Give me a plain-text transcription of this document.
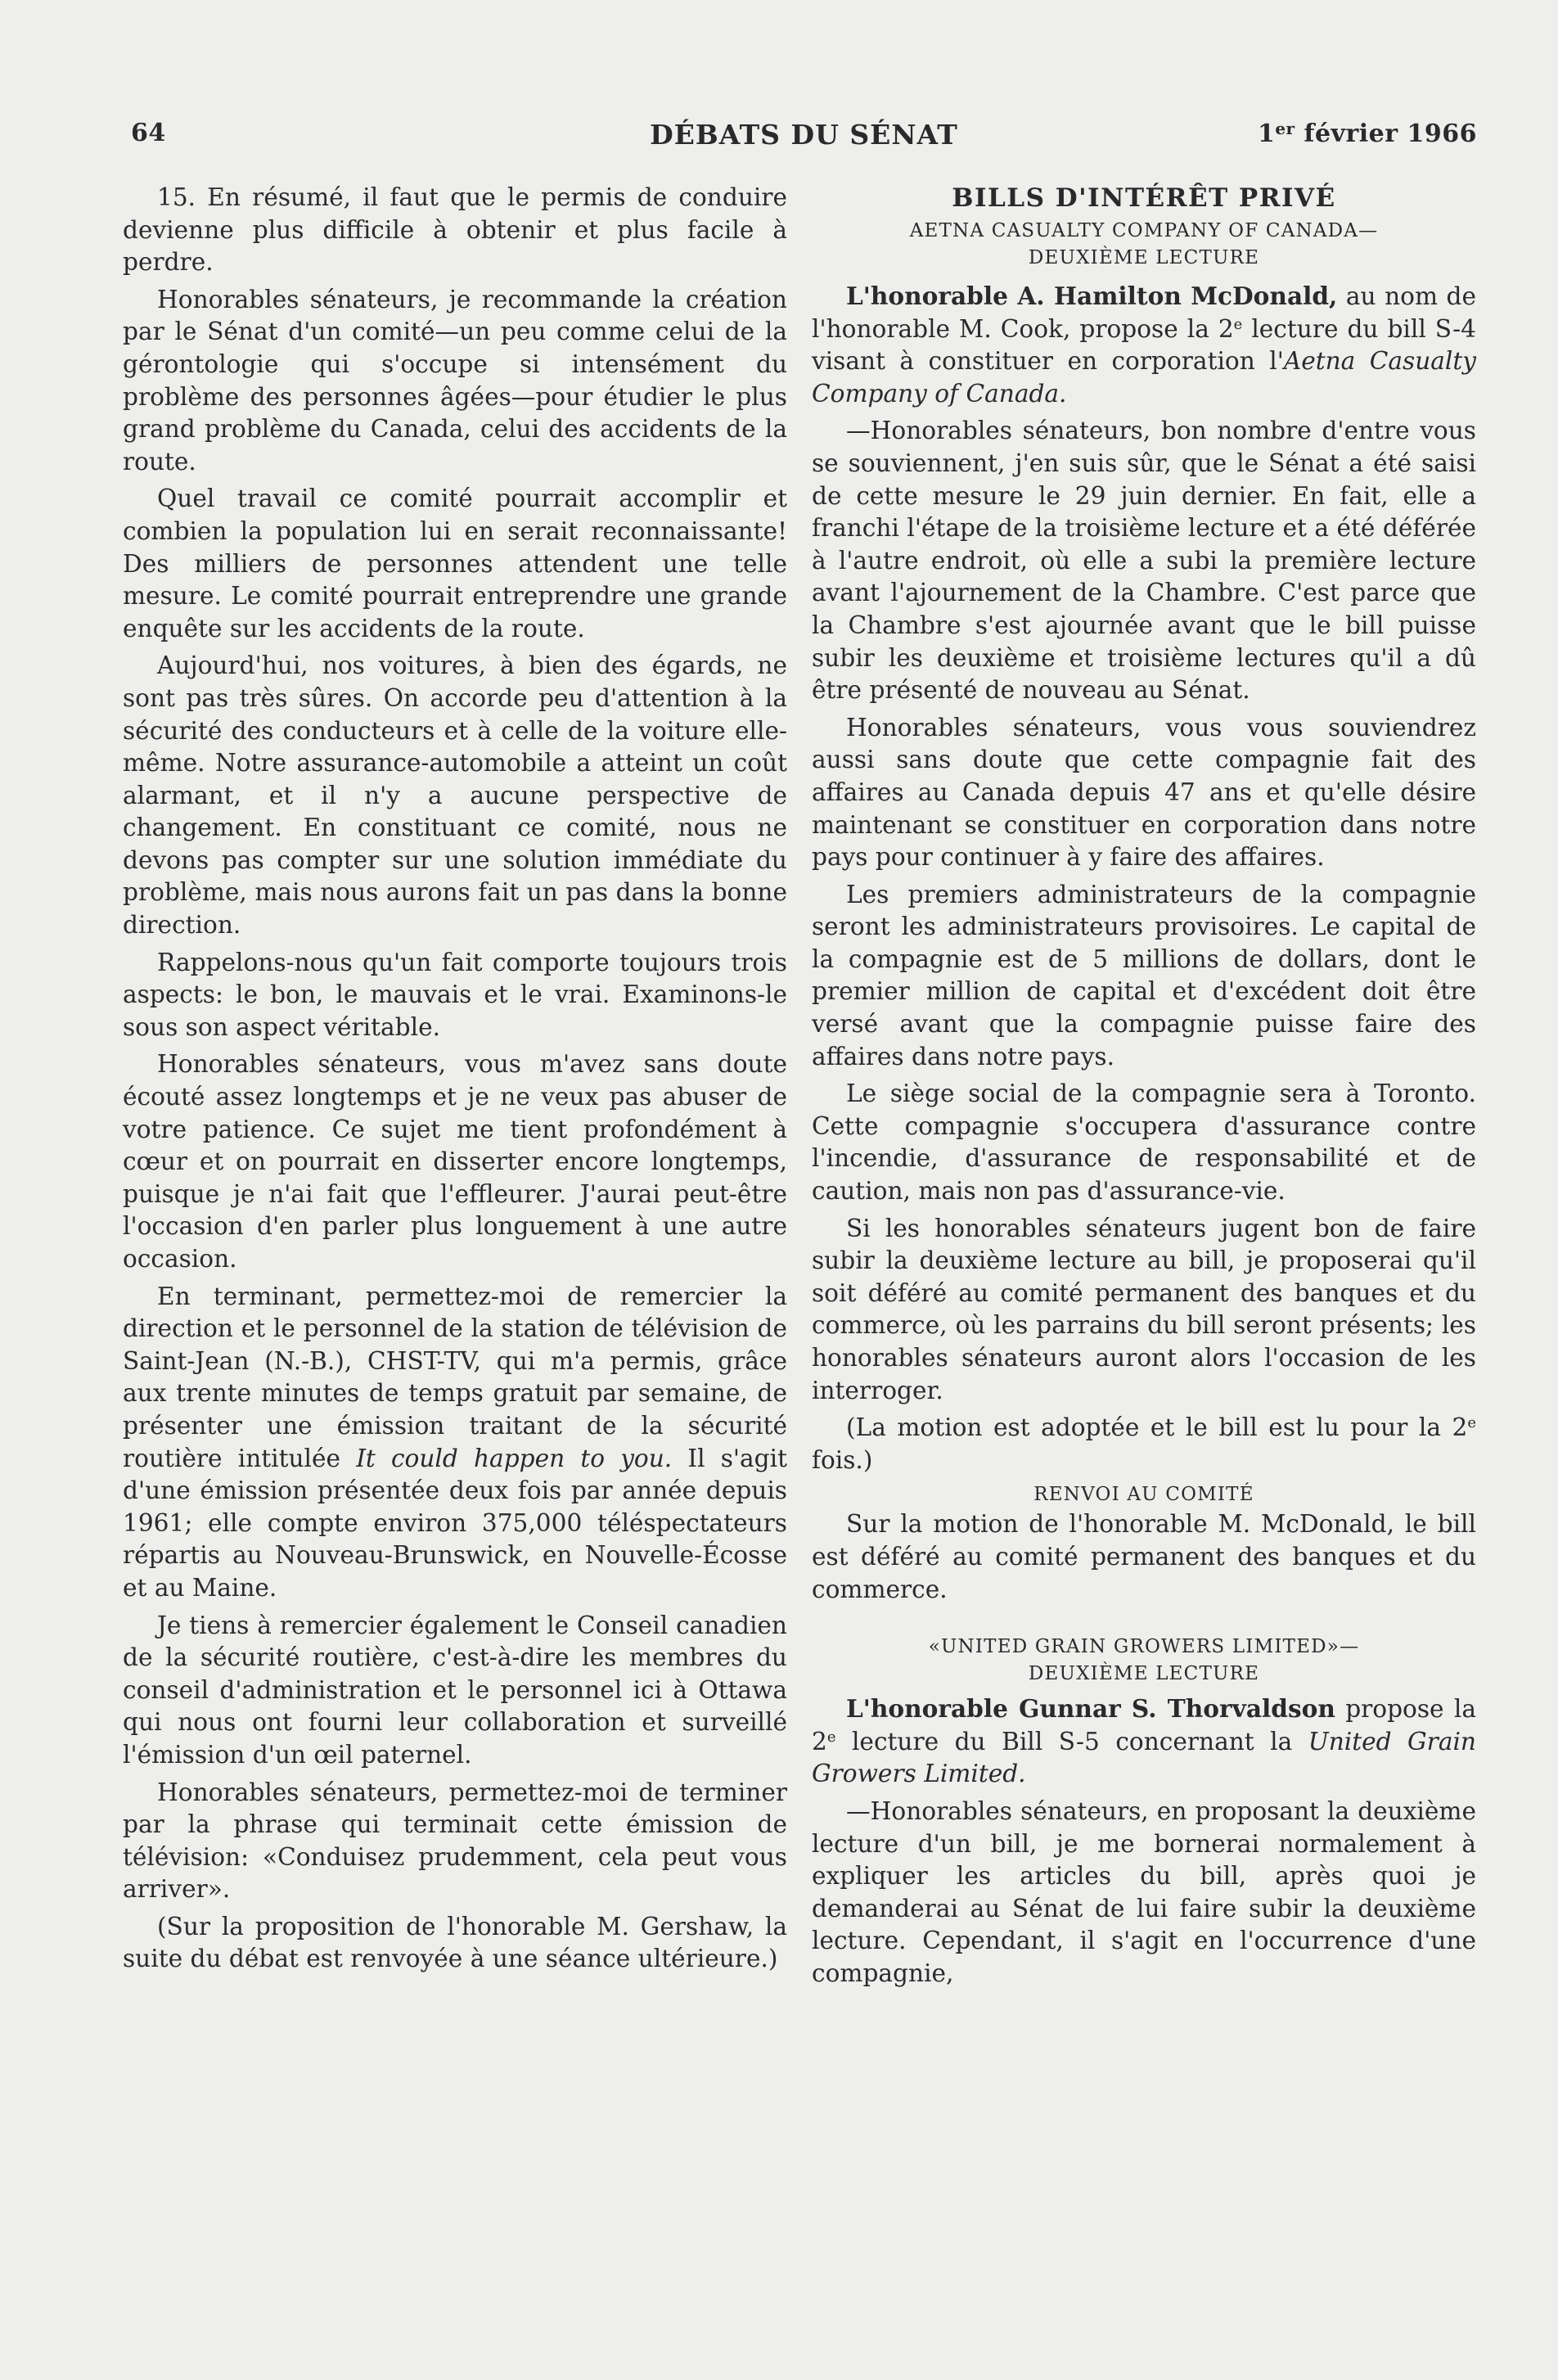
64	DÉBATS DU SÉNAT	1er février 1966

15. En résumé, il faut que le permis de conduire devienne plus difficile à obtenir et plus facile à perdre.

Honorables sénateurs, je recommande la création par le Sénat d'un comité—un peu comme celui de la gérontologie qui s'occupe si intensément du problème des personnes âgées—pour étudier le plus grand problème du Canada, celui des accidents de la route.

Quel travail ce comité pourrait accomplir et combien la population lui en serait reconnaissante! Des milliers de personnes attendent une telle mesure. Le comité pourrait entreprendre une grande enquête sur les accidents de la route.

Aujourd'hui, nos voitures, à bien des égards, ne sont pas très sûres. On accorde peu d'attention à la sécurité des conducteurs et à celle de la voiture elle-même. Notre assurance-automobile a atteint un coût alarmant, et il n'y a aucune perspective de changement. En constituant ce comité, nous ne devons pas compter sur une solution immédiate du problème, mais nous aurons fait un pas dans la bonne direction.

Rappelons-nous qu'un fait comporte toujours trois aspects: le bon, le mauvais et le vrai. Examinons-le sous son aspect véritable.

Honorables sénateurs, vous m'avez sans doute écouté assez longtemps et je ne veux pas abuser de votre patience. Ce sujet me tient profondément à cœur et on pourrait en disserter encore longtemps, puisque je n'ai fait que l'effleurer. J'aurai peut-être l'occasion d'en parler plus longuement à une autre occasion.

En terminant, permettez-moi de remercier la direction et le personnel de la station de télévision de Saint-Jean (N.-B.), CHST-TV, qui m'a permis, grâce aux trente minutes de temps gratuit par semaine, de présenter une émission traitant de la sécurité routière intitulée It could happen to you. Il s'agit d'une émission présentée deux fois par année depuis 1961; elle compte environ 375,000 téléspectateurs répartis au Nouveau-Brunswick, en Nouvelle-Écosse et au Maine.

Je tiens à remercier également le Conseil canadien de la sécurité routière, c'est-à-dire les membres du conseil d'administration et le personnel ici à Ottawa qui nous ont fourni leur collaboration et surveillé l'émission d'un œil paternel.

Honorables sénateurs, permettez-moi de terminer par la phrase qui terminait cette émission de télévision: «Conduisez prudemment, cela peut vous arriver».

(Sur la proposition de l'honorable M. Gershaw, la suite du débat est renvoyée à une séance ultérieure.)

BILLS D'INTÉRÊT PRIVÉ

AETNA CASUALTY COMPANY OF CANADA—
DEUXIÈME LECTURE

L'honorable A. Hamilton McDonald, au nom de l'honorable M. Cook, propose la 2e lecture du bill S-4 visant à constituer en corporation l'Aetna Casualty Company of Canada.

—Honorables sénateurs, bon nombre d'entre vous se souviennent, j'en suis sûr, que le Sénat a été saisi de cette mesure le 29 juin dernier. En fait, elle a franchi l'étape de la troisième lecture et a été déférée à l'autre endroit, où elle a subi la première lecture avant l'ajournement de la Chambre. C'est parce que la Chambre s'est ajournée avant que le bill puisse subir les deuxième et troisième lectures qu'il a dû être présenté de nouveau au Sénat.

Honorables sénateurs, vous vous souviendrez aussi sans doute que cette compagnie fait des affaires au Canada depuis 47 ans et qu'elle désire maintenant se constituer en corporation dans notre pays pour continuer à y faire des affaires.

Les premiers administrateurs de la compagnie seront les administrateurs provisoires. Le capital de la compagnie est de 5 millions de dollars, dont le premier million de capital et d'excédent doit être versé avant que la compagnie puisse faire des affaires dans notre pays.

Le siège social de la compagnie sera à Toronto. Cette compagnie s'occupera d'assurance contre l'incendie, d'assurance de responsabilité et de caution, mais non pas d'assurance-vie.

Si les honorables sénateurs jugent bon de faire subir la deuxième lecture au bill, je proposerai qu'il soit déféré au comité permanent des banques et du commerce, où les parrains du bill seront présents; les honorables sénateurs auront alors l'occasion de les interroger.

(La motion est adoptée et le bill est lu pour la 2e fois.)

RENVOI AU COMITÉ

Sur la motion de l'honorable M. McDonald, le bill est déféré au comité permanent des banques et du commerce.

«UNITED GRAIN GROWERS LIMITED»—
DEUXIÈME LECTURE

L'honorable Gunnar S. Thorvaldson propose la 2e lecture du Bill S-5 concernant la United Grain Growers Limited.

—Honorables sénateurs, en proposant la deuxième lecture d'un bill, je me bornerai normalement à expliquer les articles du bill, après quoi je demanderai au Sénat de lui faire subir la deuxième lecture. Cependant, il s'agit en l'occurrence d'une compagnie,
